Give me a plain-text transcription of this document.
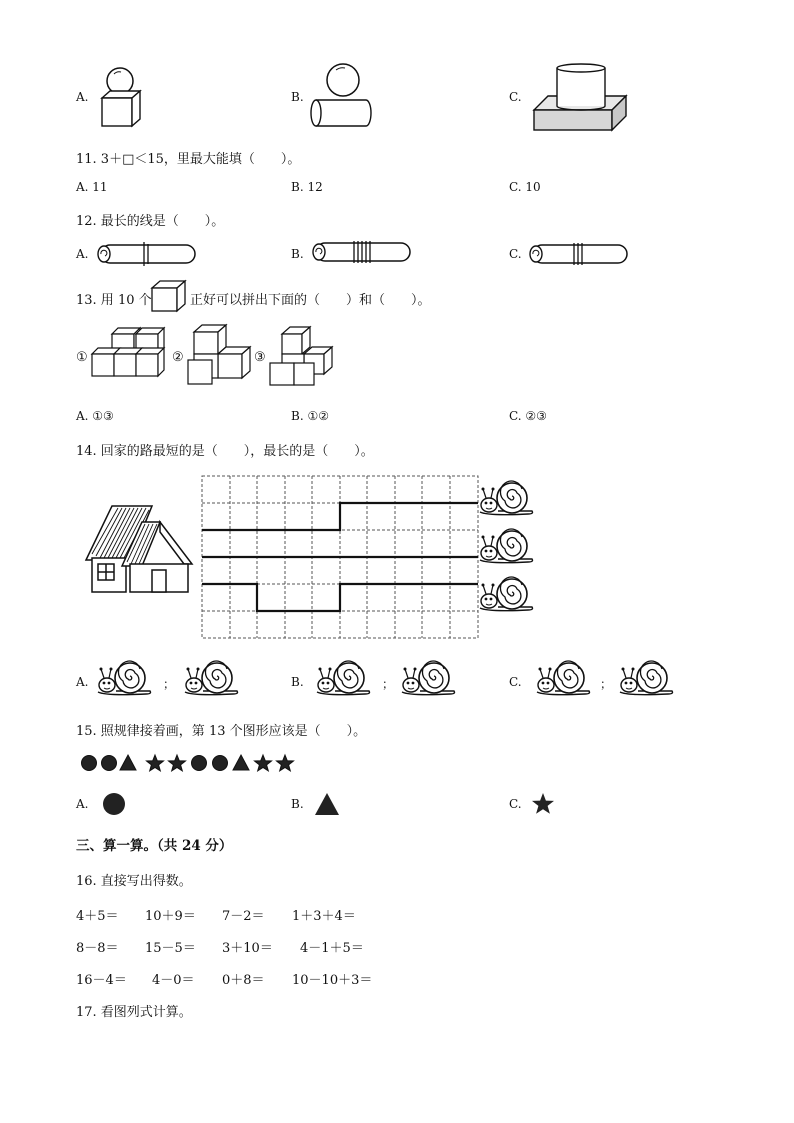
A.	B.	C.
11. 3＋□＜15，里最大能填（　　）。
A. 11	B. 12	C. 10
12. 最长的线是（　　）。
A.	B.	C.
13. 用 10 个	正好可以拼出下面的（　　）和（　　）。
①	②	③
A. ①③	B. ①②	C. ②③
14. 回家的路最短的是（　　），最长的是（　　）。
A.	；	B.	；	C.	；
15. 照规律接着画，第 13 个图形应该是（　　）。
A.	B.	C.
三、算一算。（共 24 分）
16. 直接写出得数。
4＋5＝ 10＋9＝ 7－2＝ 1＋3＋4＝
8－8＝ 15－5＝ 3＋10＝ 4－1＋5＝
16－4＝ 4－0＝ 0＋8＝ 10－10＋3＝
17. 看图列式计算。
